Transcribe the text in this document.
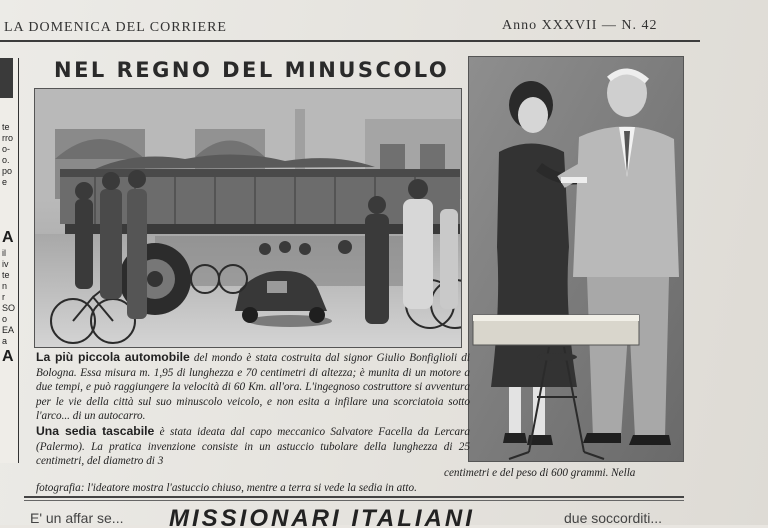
LA DOMENICA DEL CORRIERE	Anno XXXVII — N. 42
te
rro
o-
o.
po
e
A
il
iv
te
n
r
SO
o
EA
a
A
NEL REGNO DEL MINUSCOLO

La più piccola automobile del mondo è stata costruita dal signor Giulio Bonfiglioli di Bologna. Essa misura m. 1,95 di lunghezza e 70 centimetri di altezza; è munita di un motore a due tempi, e può raggiungere la velocità di 60 Km. all'ora. L'ingegnoso costruttore si avventura per le vie della città sul suo minuscolo veicolo, e non esita a infilare una scorciatoia sotto l'arco... di un autocarro.

Una sedia tascabile è stata ideata dal capo meccanico Salvatore Facella da Lercara (Palermo). La pratica invenzione consiste in un astuccio tubolare della lunghezza di 25 centimetri, del diametro di 3

centimetri e del peso di 600 grammi. Nella fotografia: l'ideatore mostra l'astuccio chiuso, mentre a terra si vede la sedia in atto.
E' un affar se... MISSIONARI ITALIANI	due soccorditi...
